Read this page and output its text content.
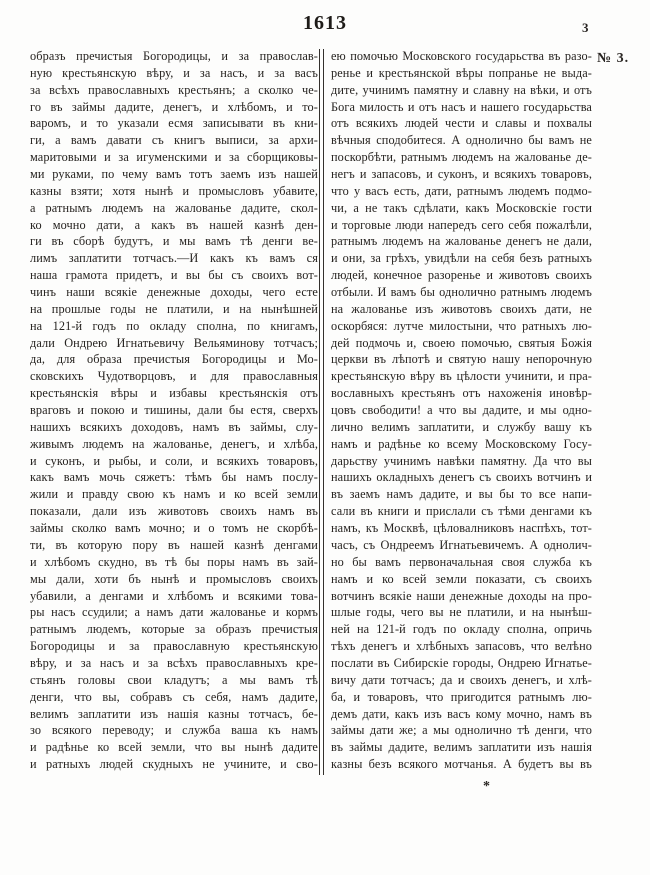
1613	3
№ 3.
образъ пречистыя Богородицы, и за православ-
ную крестьянскую вѣру, и за насъ, и за васъ
за всѣхъ православныхъ крестьянъ; а сколко че-
го въ займы дадите, денегъ, и хлѣбомъ, и то-
варомъ, и то указали есмя записывати въ кни-
ги, а вамъ давати съ книгъ выписи, за архи-
маритовыми и за игуменскими и за сборщиковы-
ми руками, по чему вамъ тотъ заемъ изъ нашей
казны взяти; хотя нынѣ и промысловъ убавите,
а ратнымъ людемъ на жалованье дадите, скол-
ко мочно дати, а какъ въ нашей казнѣ ден-
ги въ сборѣ будутъ, и мы вамъ тѣ денги ве-
лимъ заплатити тотчасъ.—И какъ къ вамъ ся
наша грамота придетъ, и вы бы съ своихъ вот-
чинъ наши всякіе денежные доходы, чего есте
на прошлые годы не платили, и на нынѣшней
на 121-й годъ по окладу сполна, по книгамъ,
дали Ондрею Игнатьевичу Вельяминову тотчасъ;
да, для образа пречистыя Богородицы и Мо-
сковскихъ Чудотворцовъ, и для православныя
крестьянскія вѣры и избавы крестьянскія отъ
враговъ и покою и тишины, дали бы естя, сверхъ
нашихъ всякихъ доходовъ, намъ въ займы, слу-
живымъ людемъ на жалованье, денегъ, и хлѣба,
и суконъ, и рыбы, и соли, и всякихъ товаровъ,
какъ вамъ мочь сяжетъ: тѣмъ бы намъ послу-
жили и правду свою къ намъ и ко всей земли
показали, дали изъ животовъ своихъ намъ въ
займы сколко вамъ мочно; и о томъ не скорбѣ-
ти, въ которую пору въ нашей казнѣ денгами
и хлѣбомъ скудно, въ тѣ бы поры намъ въ зай-
мы дали, хоти бъ нынѣ и промысловъ своихъ
убавили, а денгами и хлѣбомъ и всякими това-
ры насъ ссудили; а намъ дати жалованье и кормъ
ратнымъ людемъ, которые за образъ пречистыя
Богородицы и за православную крестьянскую
вѣру, и за насъ и за всѣхъ православныхъ кре-
стьянъ головы свои кладутъ; а мы вамъ тѣ
денги, что вы, собравъ съ себя, намъ дадите,
велимъ заплатити изъ нашія казны тотчасъ, бе-
зо всякого переводу; и служба ваша къ намъ
и радѣнье ко всей земли, что вы нынѣ дадите
и ратныхъ людей скудныхъ не учините, и сво-
ею помочью Московского государьства въ разо-
ренье и крестьянской вѣры попранье не выда-
дите, учинимъ памятну и славну на вѣки, и отъ
Бога милость и отъ насъ и нашего государьства
отъ всякихъ людей чести и славы и похвалы
вѣчныя сподобитеся. А однолично бы вамъ не
поскорбѣти, ратнымъ людемъ на жалованье де-
негъ и запасовъ, и суконъ, и всякихъ товаровъ,
что у васъ есть, дати, ратнымъ людемъ подмо-
чи, а не такъ сдѣлати, какъ Московскіе гости
и торговые люди напередъ сего себя пожалѣли,
ратнымъ людемъ на жалованье денегъ не дали,
и они, за грѣхъ, увидѣли на себя безъ ратныхъ
людей, конечное разоренье и животовъ своихъ
отбыли. И вамъ бы однолично ратнымъ людемъ
на жалованье изъ животовъ своихъ дати, не
оскорбяся: лутче милостыни, что ратныхъ лю-
дей подмочь и, своею помочью, святыя Божія
церкви въ лѣпотѣ и святую нашу непорочную
крестьянскую вѣру въ цѣлости учинити, и пра-
вославныхъ крестьянъ отъ нахоженія иновѣр-
цовъ свободити! а что вы дадите, и мы одно-
лично велимъ заплатити, и службу вашу къ
намъ и радѣнье ко всему Московскому Госу-
дарьству учинимъ навѣки памятну. Да что вы
нашихъ окладныхъ денегъ съ своихъ вотчинъ и
въ заемъ намъ дадите, и вы бы то все напи-
сали въ книги и прислали съ тѣми денгами къ
намъ, къ Москвѣ, цѣловалниковъ наспѣхъ, тот-
часъ, съ Ондреемъ Игнатьевичемъ. А однолич-
но бы вамъ первоначальная своя служба къ
намъ и ко всей земли показати, съ своихъ
вотчинъ всякіе наши денежные доходы на про-
шлые годы, чего вы не платили, и на нынѣш-
ней на 121-й годъ по окладу сполна, опричь
тѣхъ денегъ и хлѣбныхъ запасовъ, что велѣно
послати въ Сибирскіе городы, Ондрею Игнатье-
вичу дати тотчасъ; да и своихъ денегъ, и хлѣ-
ба, и товаровъ, что пригодится ратнымъ лю-
демъ дати, какъ изъ васъ кому мочно, намъ въ
займы дати же; а мы однолично тѣ денги, что
въ займы дадите, велимъ заплатити изъ нашія
казны безъ всякого мотчанья. А будетъ вы въ
*
